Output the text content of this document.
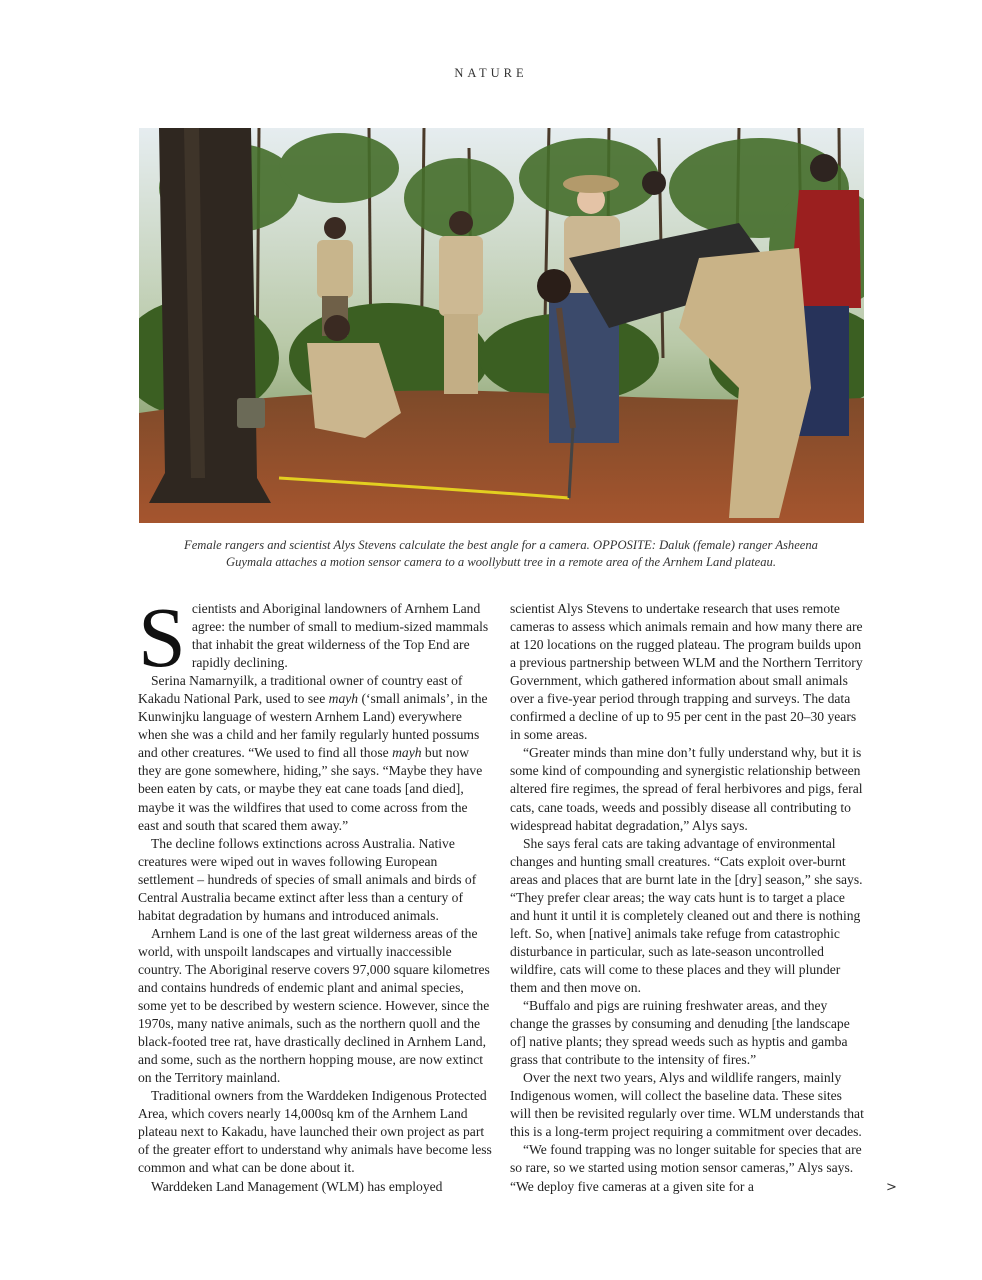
NATURE
Female rangers and scientist Alys Stevens calculate the best angle for a camera. OPPOSITE: Daluk (female) ranger Asheena Guymala attaches a motion sensor camera to a woollybutt tree in a remote area of the Arnhem Land plateau.

Scientists and Aboriginal landowners of Arnhem Land agree: the number of small to medium-sized mammals that inhabit the great wilderness of the Top End are rapidly declining.

Serina Namarnyilk, a traditional owner of country east of Kakadu National Park, used to see mayh (‘small animals’, in the Kunwinjku language of western Arnhem Land) everywhere when she was a child and her family regularly hunted possums and other creatures. “We used to find all those mayh but now they are gone somewhere, hiding,” she says. “Maybe they have been eaten by cats, or maybe they eat cane toads [and died], maybe it was the wildfires that used to come across from the east and south that scared them away.”

The decline follows extinctions across Australia. Native creatures were wiped out in waves following European settlement – hundreds of species of small animals and birds of Central Australia became extinct after less than a century of habitat degradation by humans and introduced animals.

Arnhem Land is one of the last great wilderness areas of the world, with unspoilt landscapes and virtually inaccessible country. The Aboriginal reserve covers 97,000 square kilometres and contains hundreds of endemic plant and animal species, some yet to be described by western science. However, since the 1970s, many native animals, such as the northern quoll and the black-footed tree rat, have drastically declined in Arnhem Land, and some, such as the northern hopping mouse, are now extinct on the Territory mainland.

Traditional owners from the Warddeken Indigenous Protected Area, which covers nearly 14,000sq km of the Arnhem Land plateau next to Kakadu, have launched their own project as part of the greater effort to understand why animals have become less common and what can be done about it.

Warddeken Land Management (WLM) has employed

scientist Alys Stevens to undertake research that uses remote cameras to assess which animals remain and how many there are at 120 locations on the rugged plateau. The program builds upon a previous partnership between WLM and the Northern Territory Government, which gathered information about small animals over a five-year period through trapping and surveys. The data confirmed a decline of up to 95 per cent in the past 20–30 years in some areas.

“Greater minds than mine don’t fully understand why, but it is some kind of compounding and synergistic relationship between altered fire regimes, the spread of feral herbivores and pigs, feral cats, cane toads, weeds and possibly disease all contributing to widespread habitat degradation,” Alys says.

She says feral cats are taking advantage of environmental changes and hunting small creatures. “Cats exploit over-burnt areas and places that are burnt late in the [dry] season,” she says. “They prefer clear areas; the way cats hunt is to target a place and hunt it until it is completely cleaned out and there is nothing left. So, when [native] animals take refuge from catastrophic disturbance in particular, such as late-season uncontrolled wildfire, cats will come to these places and they will plunder them and then move on.

“Buffalo and pigs are ruining freshwater areas, and they change the grasses by consuming and denuding [the landscape of] native plants; they spread weeds such as hyptis and gamba grass that contribute to the intensity of fires.”

Over the next two years, Alys and wildlife rangers, mainly Indigenous women, will collect the baseline data. These sites will then be revisited regularly over time. WLM understands that this is a long-term project requiring a commitment over decades.

“We found trapping was no longer suitable for species that are so rare, so we started using motion sensor cameras,” Alys says. “We deploy five cameras at a given site for a	>
